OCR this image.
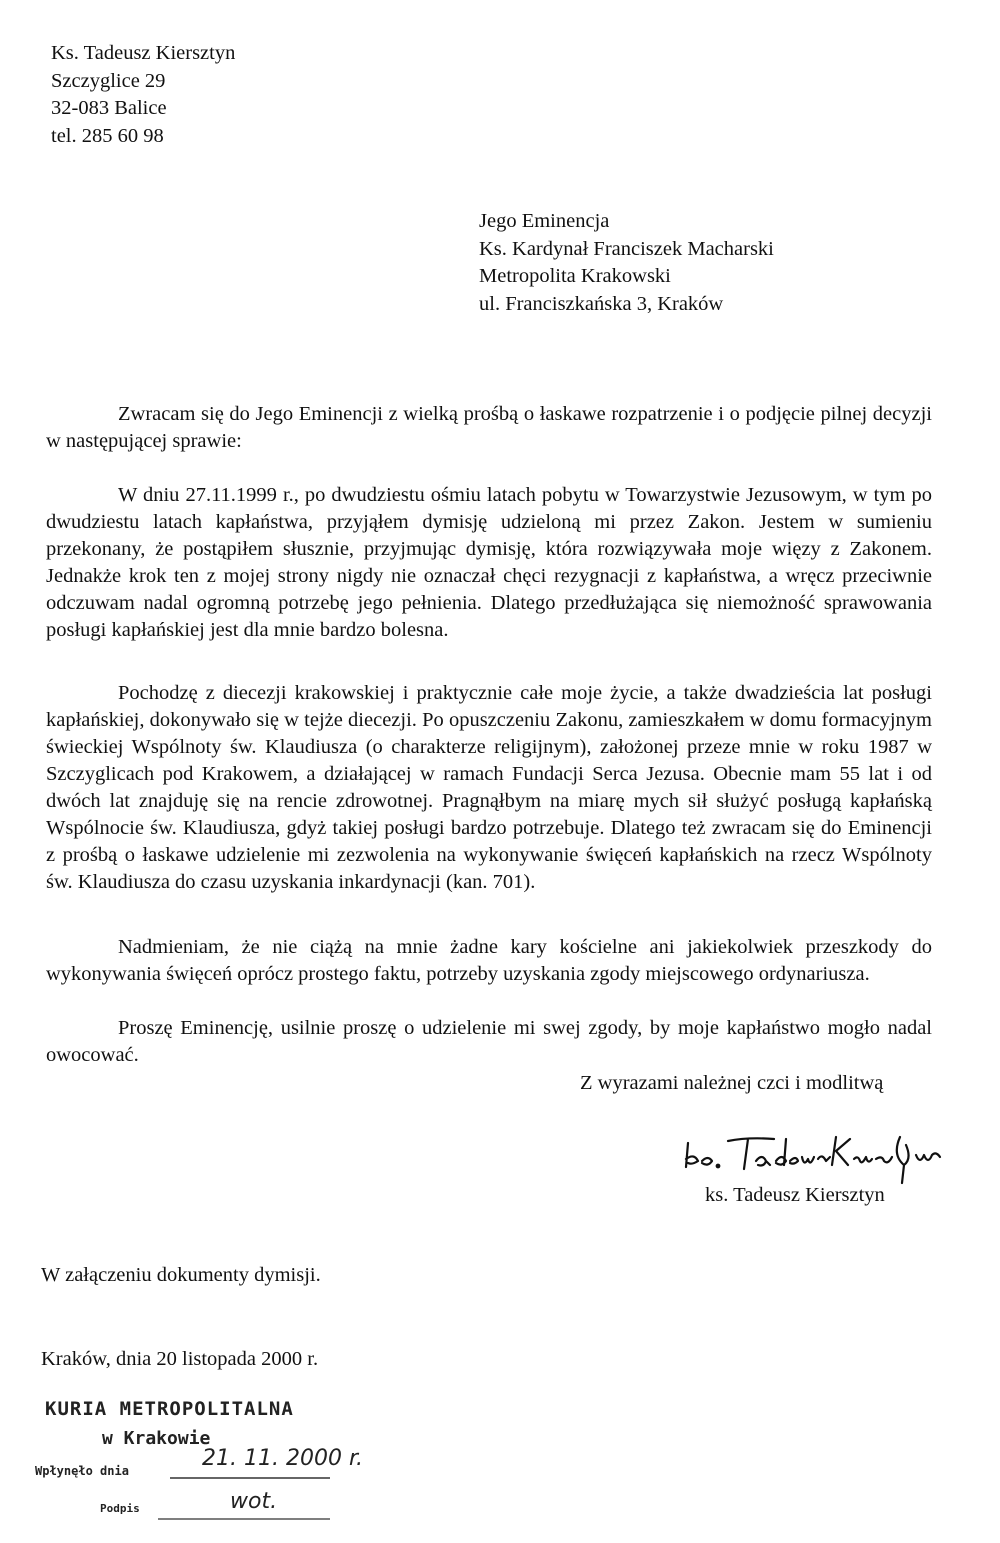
Ks. Tadeusz Kiersztyn
Szczyglice 29
32-083 Balice
tel. 285 60 98
Jego Eminencja
Ks. Kardynał Franciszek Macharski
Metropolita Krakowski
ul. Franciszkańska 3, Kraków

Zwracam się do Jego Eminencji z wielką prośbą o łaskawe rozpatrzenie i o podjęcie pilnej decyzji w następującej sprawie:

W dniu 27.11.1999 r., po dwudziestu ośmiu latach pobytu w Towarzystwie Jezusowym, w tym po dwudziestu latach kapłaństwa, przyjąłem dymisję udzieloną mi przez Zakon. Jestem w sumieniu przekonany, że postąpiłem słusznie, przyjmując dymisję, która rozwiązywała moje więzy z Zakonem. Jednakże krok ten z mojej strony nigdy nie oznaczał chęci rezygnacji z kapłaństwa, a wręcz przeciwnie odczuwam nadal ogromną potrzebę jego pełnienia. Dlatego przedłużająca się niemożność sprawowania posługi kapłańskiej jest dla mnie bardzo bolesna.

Pochodzę z diecezji krakowskiej i praktycznie całe moje życie, a także dwadzieścia lat posługi kapłańskiej, dokonywało się w tejże diecezji. Po opuszczeniu Zakonu, zamieszkałem w domu formacyjnym świeckiej Wspólnoty św. Klaudiusza (o charakterze religijnym), założonej przeze mnie w roku 1987 w Szczyglicach pod Krakowem, a działającej w ramach Fundacji Serca Jezusa. Obecnie mam 55 lat i od dwóch lat znajduję się na rencie zdrowotnej. Pragnąłbym na miarę mych sił służyć posługą kapłańską Wspólnocie św. Klaudiusza, gdyż takiej posługi bardzo potrzebuje. Dlatego też zwracam się do Eminencji z prośbą o łaskawe udzielenie mi zezwolenia na wykonywanie święceń kapłańskich na rzecz Wspólnoty św. Klaudiusza do czasu uzyskania inkardynacji (kan. 701).

Nadmieniam, że nie ciążą na mnie żadne kary kościelne ani jakiekolwiek przeszkody do wykonywania święceń oprócz prostego faktu, potrzeby uzyskania zgody miejscowego ordynariusza.

Proszę Eminencję, usilnie proszę o udzielenie mi swej zgody, by moje kapłaństwo mogło nadal owocować.

Z wyrazami należnej czci i modlitwą
ks. Tadeusz Kiersztyn
W załączeniu dokumenty dymisji.
Kraków, dnia 20 listopada 2000 r.
KURIA METROPOLITALNA
w Krakowie
Wpłynęło dnia	21. 11. 2000 r.
Podpis	wot.
